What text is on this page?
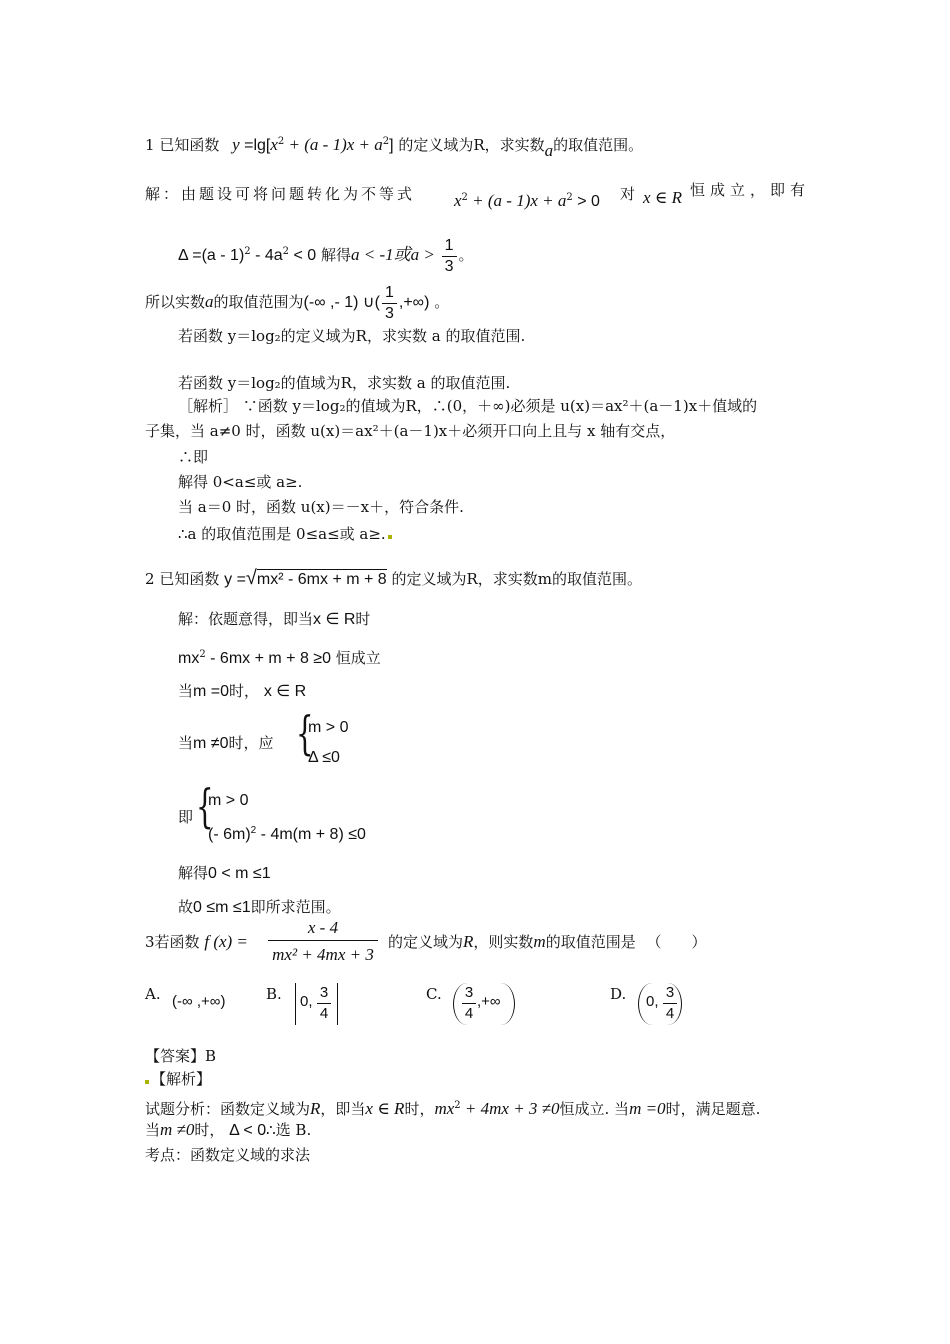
1 已知函数 $y =\lg[x^2 + (a - 1)x + a^2]$ 的定义域为R，求实数a的取值范围。
解：由题设可将问题转化为不等式 $x^2 + (a - 1)x + a^2 > 0$ 对 x ∈ R 恒成立，即有
$\Delta =(a - 1)^2 - 4a^2 < 0$ 解得a < -1或$a > \frac{1}{3}$ 。
所以实数a的取值范围为(-∞ ,- 1) ∪( $\frac{1}{3}$ ,+∞) 。
若函数 y＝log₂的定义域为R，求实数 a 的取值范围.
若函数 y＝log₂的值域为R，求实数 a 的取值范围.
［解析］ ∵函数 y＝log₂的值域为R，∴(0，＋∞)必须是 u(x)＝ax²＋(a－1)x＋值域的
子集，当 a≠0 时，函数 u(x)＝ax²＋(a－1)x＋必须开口向上且与 x 轴有交点，
∴即
解得 0<a≤或 a≥.
当 a＝0 时，函数 u(x)＝－x＋，符合条件.
∴a 的取值范围是 0≤a≤或 a≥.
2 已知函数 y =√mx² - 6mx + m + 8 的定义域为R，求实数m的取值范围。
解：依题意得，即当x ∈ R时
$mx^2 - 6mx + m + 8 \ge 0$ 恒成立
当m =0时， x ∈ R
当m ≠0时，应 {
m > 0
Δ ≤0
即 {
m > 0
(- 6m)$^2$ - 4m(m + 8) ≤0
解得0 < m ≤1
故0 ≤m ≤1即所求范围。
3若函数 f $(x) = \frac{x - 4}{\text{mx² + 4mx + 3}}$ 的定义域为R，则实数m的取值范围是 （　　）
A. (-∞ ,+∞)	B. 0, $\frac{3}{4}$	C. $\frac{3}{4}$ ,+∞	D. 0, $\frac{3}{4}$
【答案】B
【解析】
试题分析：函数定义域为R，即当x ∈ R时，$mx^2 + 4mx + 3 \ne 0$恒成立. 当m =0时，满足题意.
当m ≠0时， Δ < 0∴选 B.
考点：函数定义域的求法
